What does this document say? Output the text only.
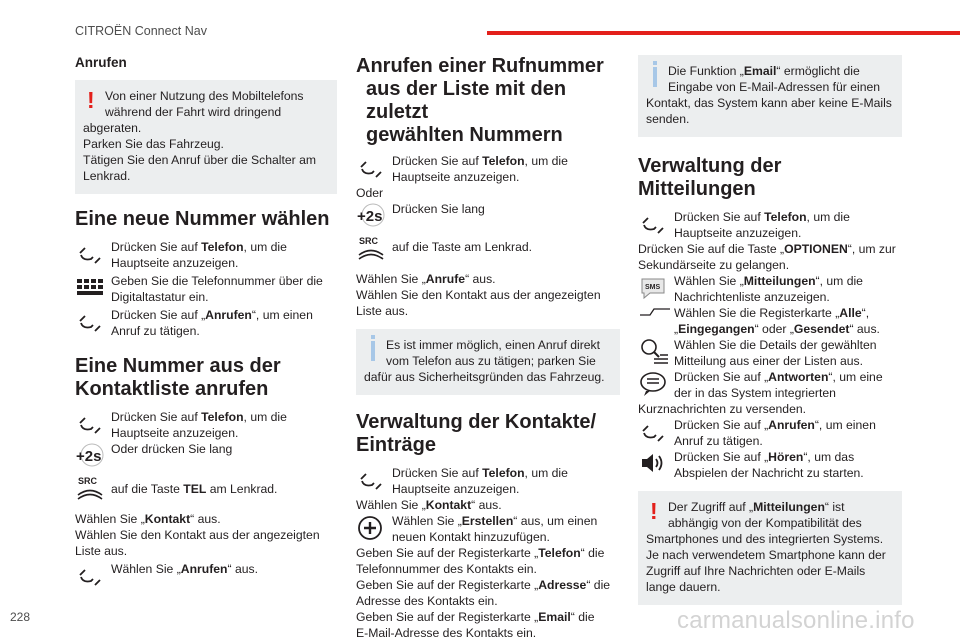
CITROËN Connect Nav
Anrufen
! Von einer Nutzung des Mobiltelefons
während der Fahrt wird dringend
abgeraten.
Parken Sie das Fahrzeug.
Tätigen Sie den Anruf über die Schalter am
Lenkrad.
Eine neue Nummer wählen
Drücken Sie auf Telefon, um die
Hauptseite anzuzeigen.
Geben Sie die Telefonnummer über die
Digitaltastatur ein.
Drücken Sie auf „Anrufen“, um einen
Anruf zu tätigen.
Eine Nummer aus der
Kontaktliste anrufen
Drücken Sie auf Telefon, um die
Hauptseite anzuzeigen.
+2s Oder drücken Sie lang
SRC
auf die Taste TEL am Lenkrad.
Wählen Sie „Kontakt“ aus.
Wählen Sie den Kontakt aus der angezeigten
Liste aus.
Wählen Sie „Anrufen“ aus.
Anrufen einer Rufnummer
aus der Liste mit den zuletzt
gewählten Nummern
Drücken Sie auf Telefon, um die
Hauptseite anzuzeigen.
Oder
+2s Drücken Sie lang
SRC auf die Taste am Lenkrad.
Wählen Sie „Anrufe“ aus.
Wählen Sie den Kontakt aus der angezeigten
Liste aus.
Es ist immer möglich, einen Anruf direkt
vom Telefon aus zu tätigen; parken Sie
dafür aus Sicherheitsgründen das Fahrzeug.
Verwaltung der Kontakte/
Einträge
Drücken Sie auf Telefon, um die
Hauptseite anzuzeigen.
Wählen Sie „Kontakt“ aus.
Wählen Sie „Erstellen“ aus, um einen
neuen Kontakt hinzuzufügen.
Geben Sie auf der Registerkarte „Telefon“ die
Telefonnummer des Kontakts ein.
Geben Sie auf der Registerkarte „Adresse“ die
Adresse des Kontakts ein.
Geben Sie auf der Registerkarte „Email“ die
E-Mail-Adresse des Kontakts ein.
Die Funktion „Email“ ermöglicht die
Eingabe von E-Mail-Adressen für einen
Kontakt, das System kann aber keine E-Mails
senden.
Verwaltung der Mitteilungen
Drücken Sie auf Telefon, um die
Hauptseite anzuzeigen.
Drücken Sie auf die Taste „OPTIONEN“, um zur
Sekundärseite zu gelangen.
SMS Wählen Sie „Mitteilungen“, um die
Nachrichtenliste anzuzeigen.
Wählen Sie die Registerkarte „Alle“,
„Eingegangen“ oder „Gesendet“ aus.
Wählen Sie die Details der gewählten
Mitteilung aus einer der Listen aus.
Drücken Sie auf „Antworten“, um eine
der in das System integrierten
Kurznachrichten zu versenden.
Drücken Sie auf „Anrufen“, um einen
Anruf zu tätigen.
Drücken Sie auf „Hören“, um das
Abspielen der Nachricht zu starten.
! Der Zugriff auf „Mitteilungen“ ist
abhängig von der Kompatibilität des
Smartphones und des integrierten Systems.
Je nach verwendetem Smartphone kann der
Zugriff auf Ihre Nachrichten oder E-Mails
lange dauern.
228	carmanualsonline.info
